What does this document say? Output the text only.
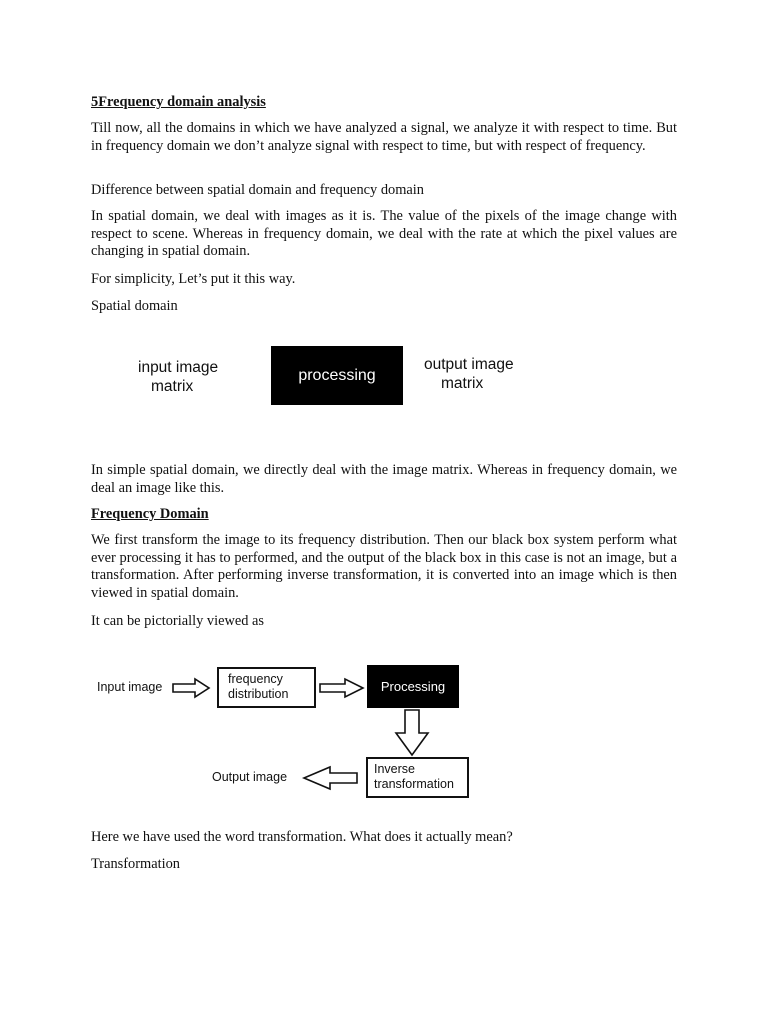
5Frequency domain analysis

Till now, all the domains in which we have analyzed a signal, we analyze it with respect to time. But in frequency domain we don’t analyze signal with respect to time, but with respect of frequency.

Difference between spatial domain and frequency domain

In spatial domain, we deal with images as it is. The value of the pixels of the image change with respect to scene. Whereas in frequency domain, we deal with the rate at which the pixel values are changing in spatial domain.

For simplicity, Let’s put it this way.

Spatial domain

input image
matrix
processing
output image
matrix

In simple spatial domain, we directly deal with the image matrix. Whereas in frequency domain, we deal an image like this.

Frequency Domain

We first transform the image to its frequency distribution. Then our black box system perform what ever processing it has to performed, and the output of the black box in this case is not an image, but a transformation. After performing inverse transformation, it is converted into an image which is then viewed in spatial domain.

It can be pictorially viewed as

Input image
frequency
distribution
Processing
Inverse
transformation
Output image

Here we have used the word transformation. What does it actually mean?

Transformation
